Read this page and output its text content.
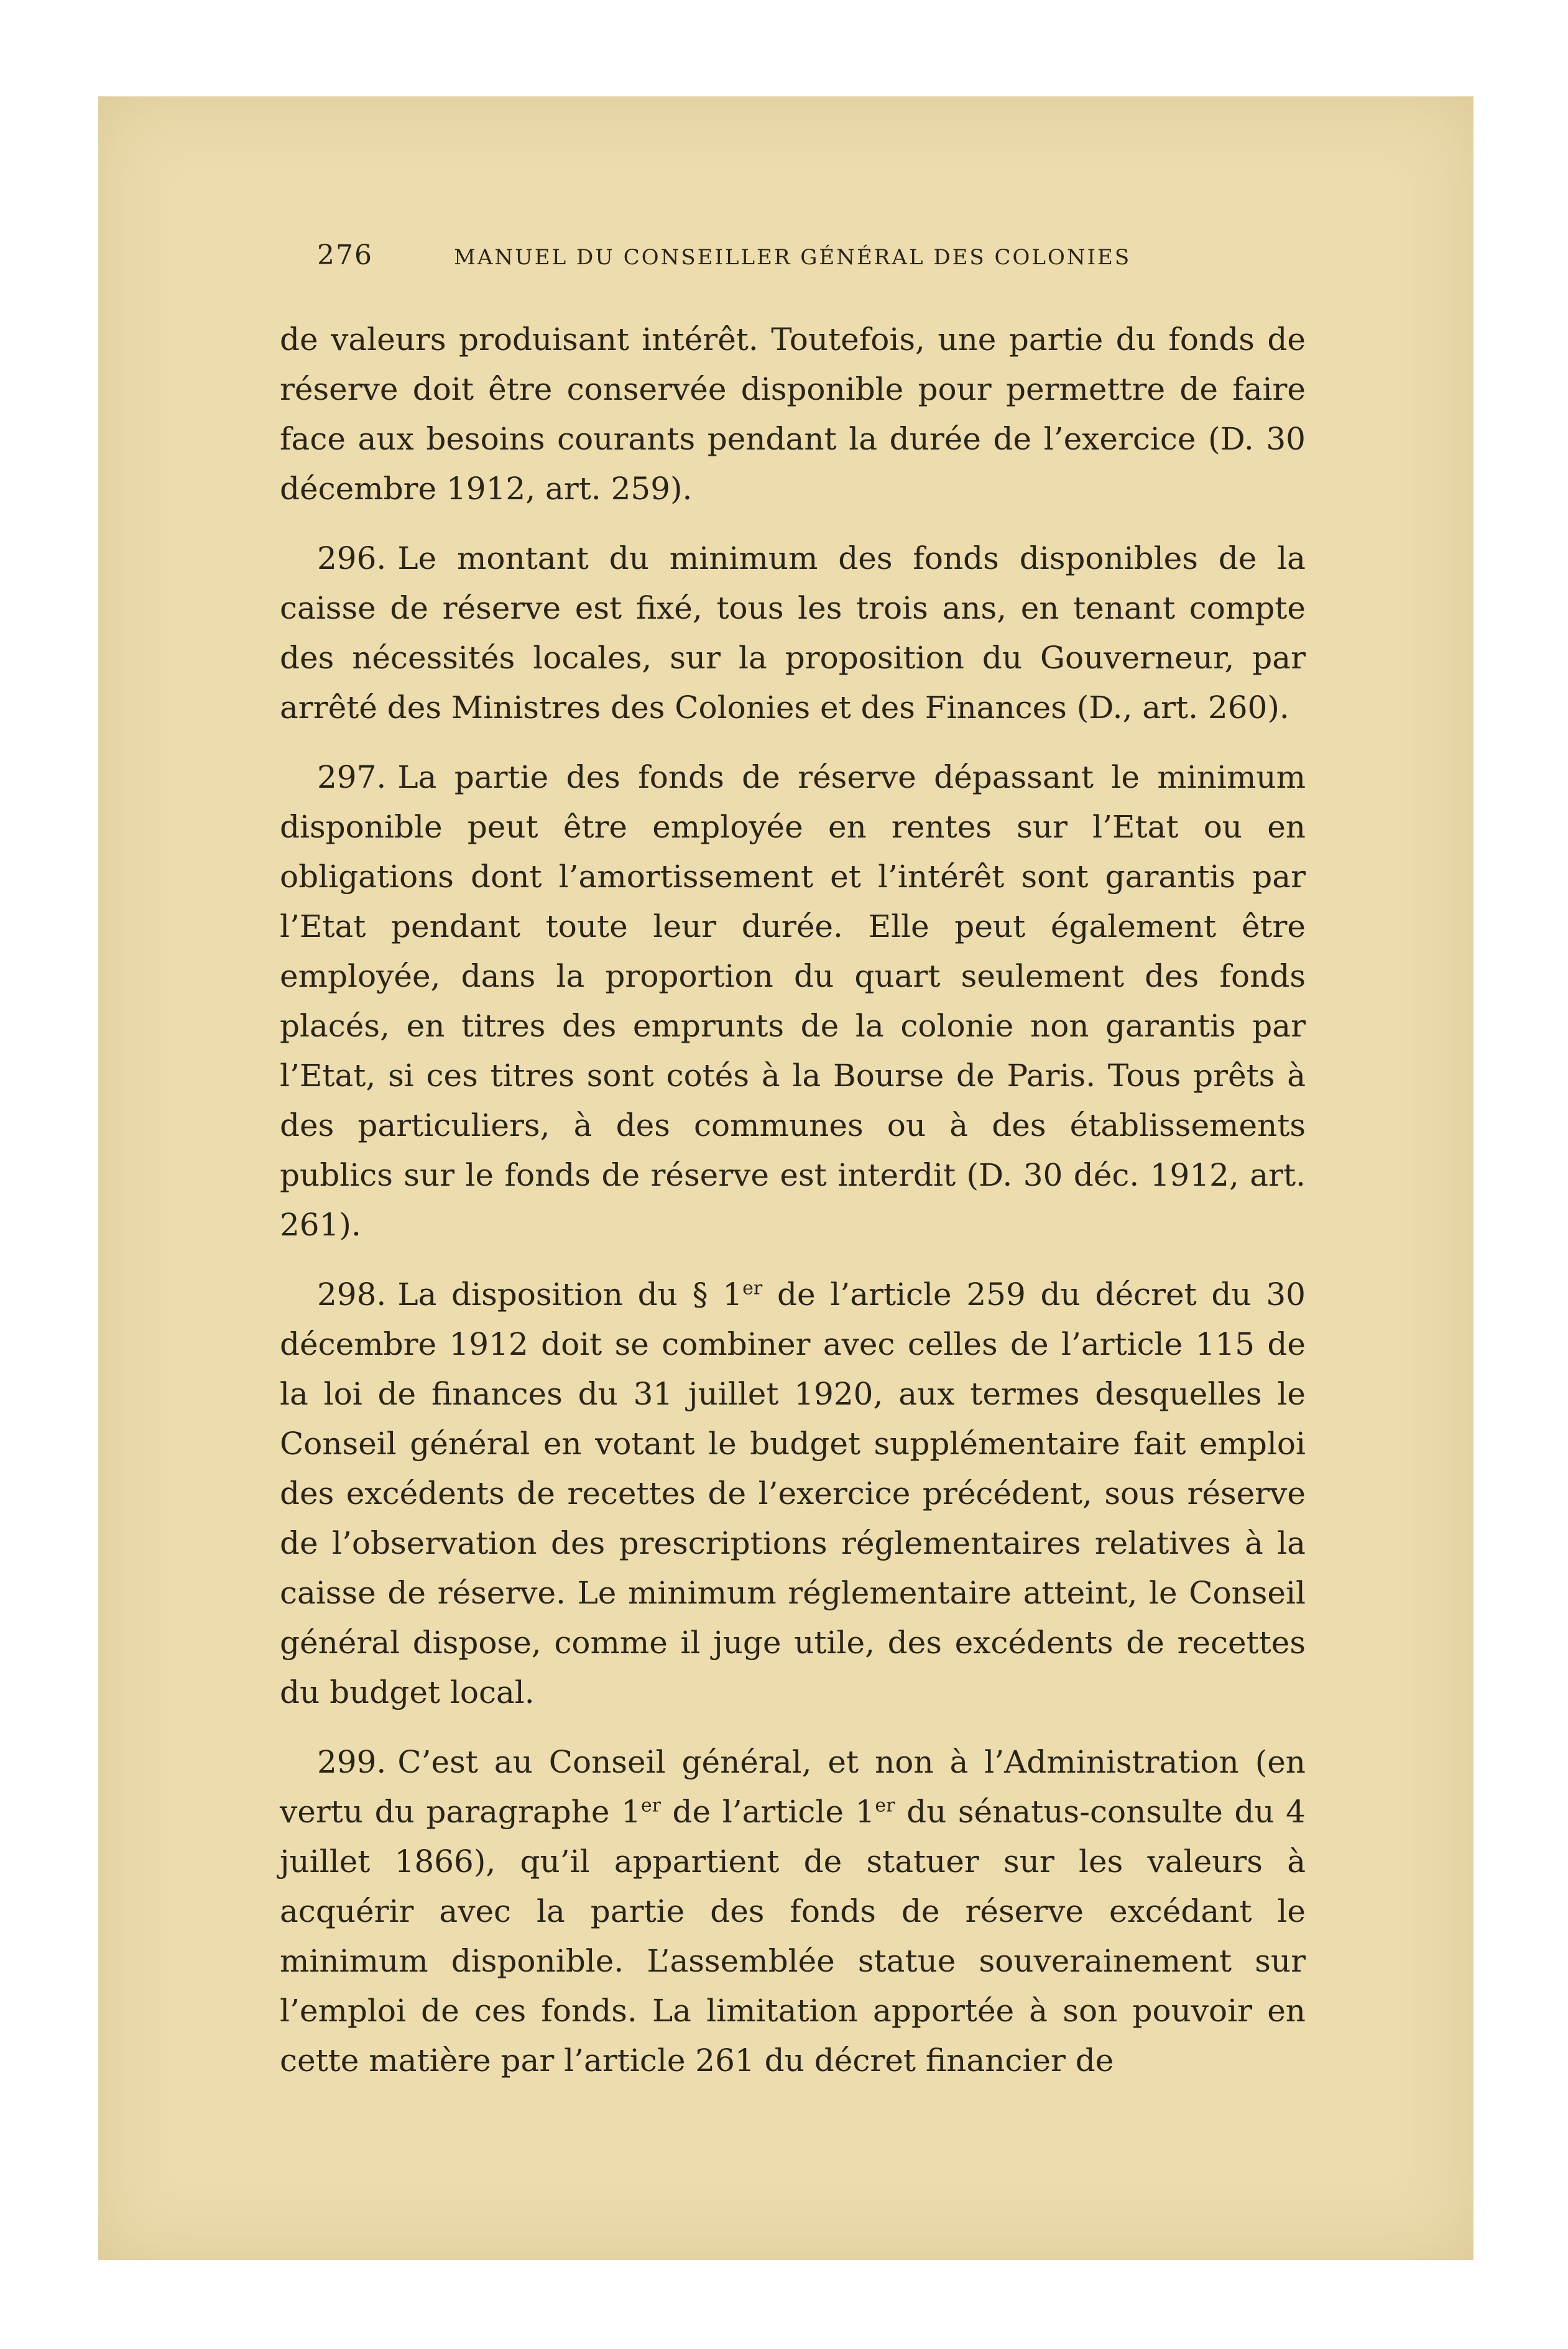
276	MANUEL DU CONSEILLER GÉNÉRAL DES COLONIES

de valeurs produisant intérêt. Toutefois, une partie du fonds de réserve doit être conservée disponible pour permettre de faire face aux besoins courants pendant la durée de l’exercice (D. 30 décembre 1912, art. 259).

296. Le montant du minimum des fonds disponibles de la caisse de réserve est fixé, tous les trois ans, en tenant compte des nécessités locales, sur la proposition du Gouverneur, par arrêté des Ministres des Colonies et des Finances (D., art. 260).

297. La partie des fonds de réserve dépassant le minimum disponible peut être employée en rentes sur l’Etat ou en obligations dont l’amortissement et l’intérêt sont garantis par l’Etat pendant toute leur durée. Elle peut également être employée, dans la proportion du quart seulement des fonds placés, en titres des emprunts de la colonie non garantis par l’Etat, si ces titres sont cotés à la Bourse de Paris. Tous prêts à des particuliers, à des communes ou à des établissements publics sur le fonds de réserve est interdit (D. 30 déc. 1912, art. 261).

298. La disposition du § 1er de l’article 259 du décret du 30 décembre 1912 doit se combiner avec celles de l’article 115 de la loi de finances du 31 juillet 1920, aux termes desquelles le Conseil général en votant le budget supplémentaire fait emploi des excédents de recettes de l’exercice précédent, sous réserve de l’observation des prescriptions réglementaires relatives à la caisse de réserve. Le minimum réglementaire atteint, le Conseil général dispose, comme il juge utile, des excédents de recettes du budget local.

299. C’est au Conseil général, et non à l’Administration (en vertu du paragraphe 1er de l’article 1er du sénatus-consulte du 4 juillet 1866), qu’il appartient de statuer sur les valeurs à acquérir avec la partie des fonds de réserve excédant le minimum disponible. L’assemblée statue souverainement sur l’emploi de ces fonds. La limitation apportée à son pouvoir en cette matière par l’article 261 du décret financier de
